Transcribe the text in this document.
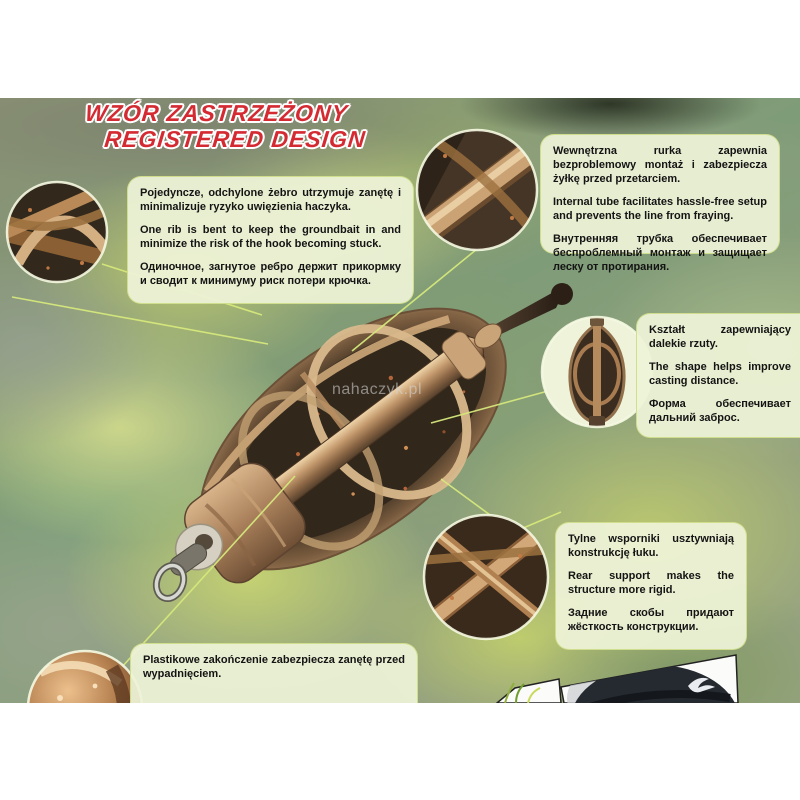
WZÓR ZASTRZEŻONY
REGISTERED DESIGN

Pojedyncze, odchylone żebro utrzymuje zanętę i minimalizuje ryzyko uwięzienia haczyka.

One rib is bent to keep the groundbait in and minimize the risk of the hook becoming stuck.

Одиночное, загнутое ребро держит прикормку и сводит к минимуму риск потери крючка.

Wewnętrzna rurka zapewnia bezproblemowy montaż i zabezpiecza żyłkę przed przetarciem.

Internal tube facilitates hassle-free setup and prevents the line from fraying.

Внутренняя трубка обеспечивает беспроблемный монтаж и защищает леску от протирания.

Kształt zapewniający dalekie rzuty.

The shape helps improve casting distance.

Форма обеспечивает дальний заброс.

Tylne wsporniki usztywniają konstrukcję łuku.

Rear support makes the structure more rigid.

Задние скобы придают жёсткость конструкции.

Plastikowe zakończenie zabezpiecza zanętę przed wypadnięciem.

nahaczyk.pl
